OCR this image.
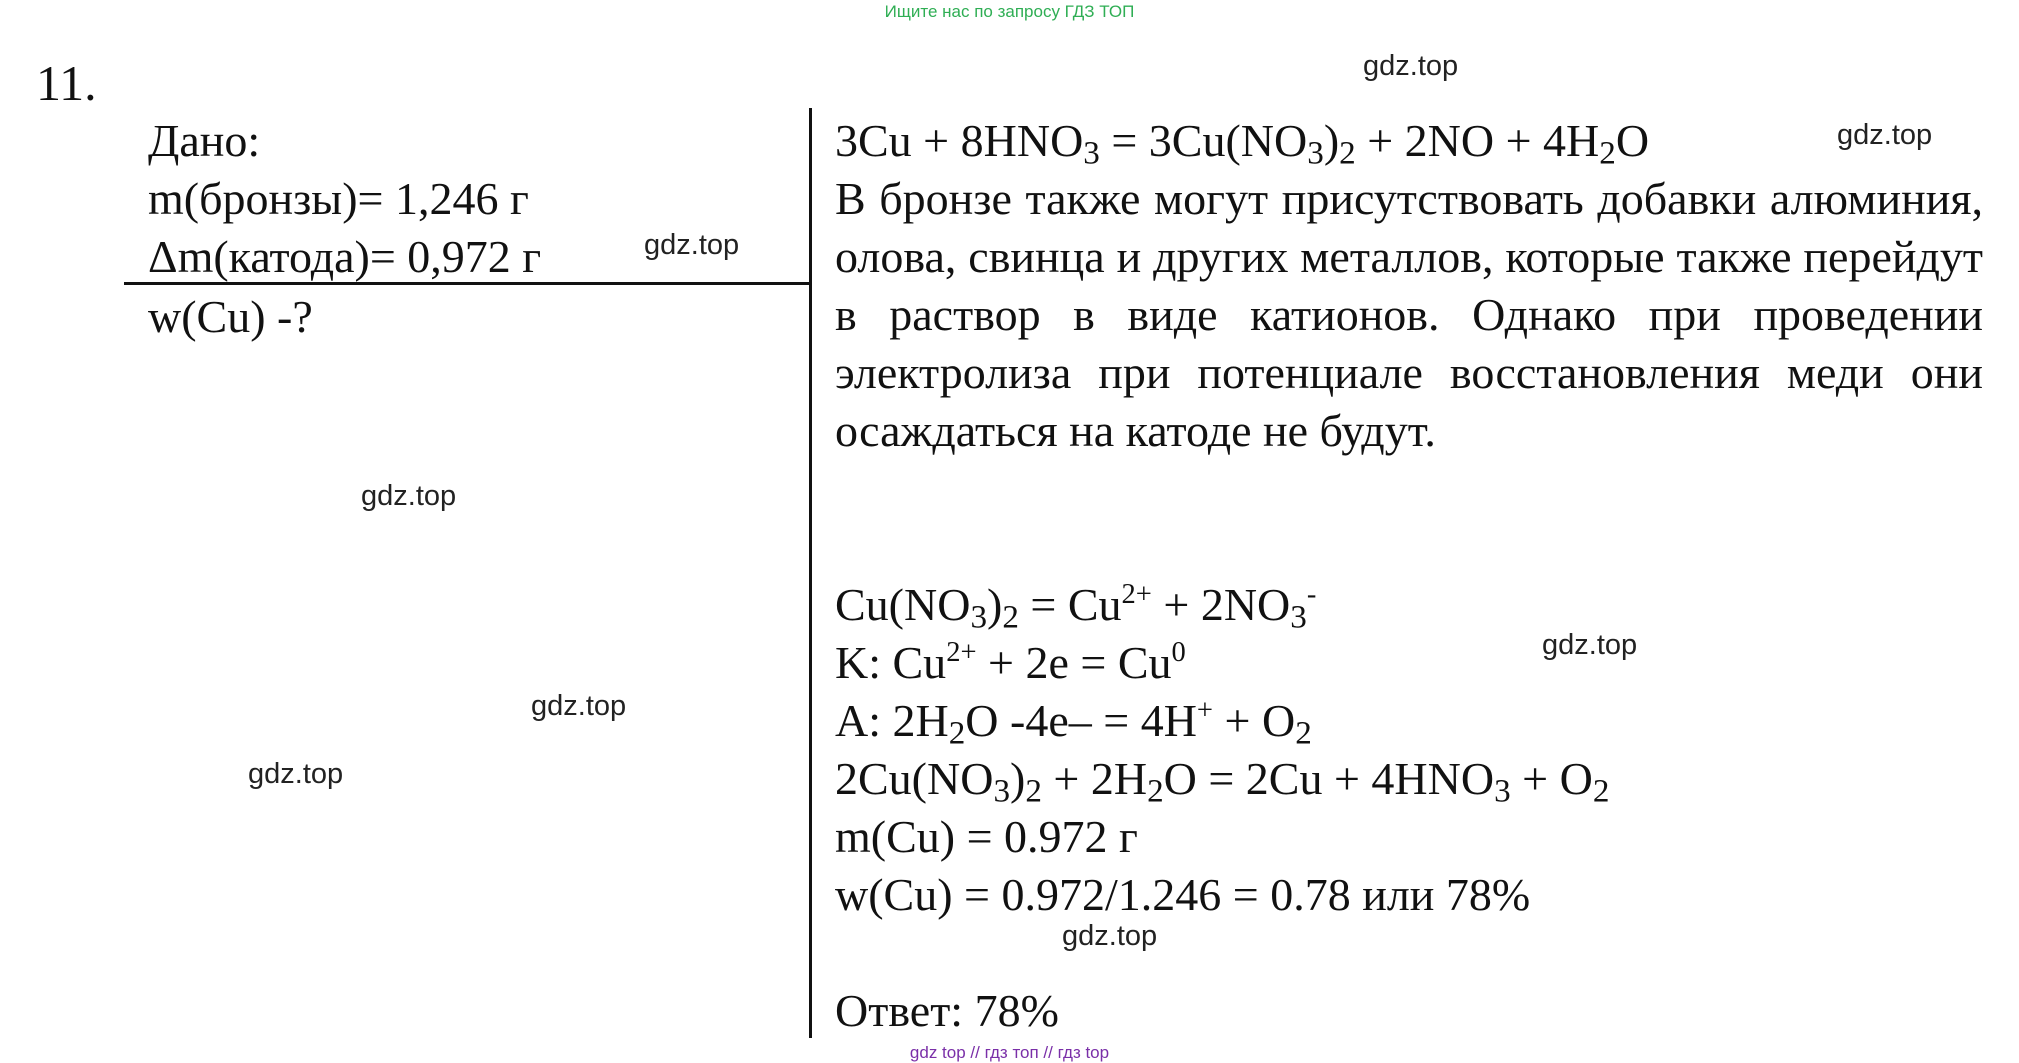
Ищите нас по запросу ГДЗ ТОП
11.
Дано:
m(бронзы)= 1,246 г
Δm(катода)= 0,972 г
w(Cu) -?
$3Cu + 8HNO_3 = 3Cu(NO_3)_2 + 2NO + 4H_2O$
В бронзе также могут присутствовать добавки алюминия, олова, свинца и других металлов, которые также перейдут в раствор в виде катионов. Однако при проведении электролиза при потенциале восстановления меди они осаждаться на катоде не будут.
$Cu(NO_3)_2 = Cu^{2+} + 2NO_3^-$
K: $Cu^{2+} + 2e = Cu^0$
A: $2H_2O$ $-4e- = 4H^+ + O_2$
$2Cu(NO_3)_2 + 2H_2O = 2Cu + 4HNO_3 + O_2$
m(Cu) = 0.972 г
w(Cu) = 0.972/1.246 = 0.78 или 78%
Ответ: 78%
gdz.top
gdz.top
gdz.top
gdz.top
gdz.top
gdz.top
gdz.top
gdz.top
gdz top // гдз топ // гдз top
